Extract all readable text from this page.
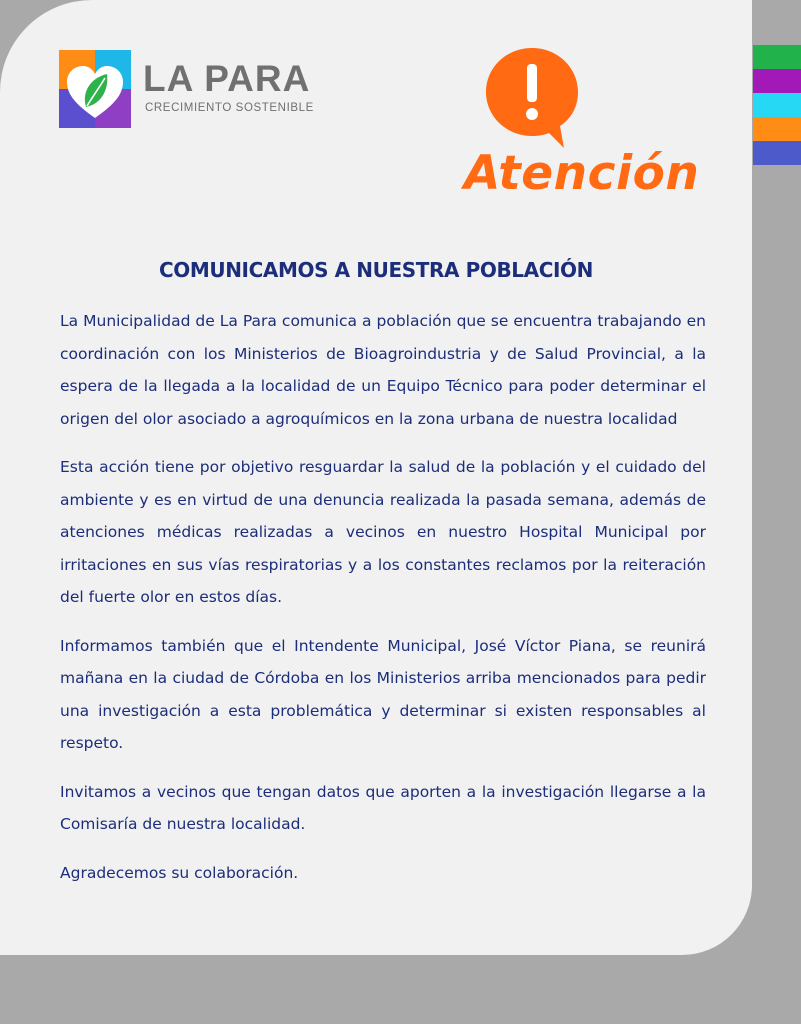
LA PARA
CRECIMIENTO SOSTENIBLE
Atención
COMUNICAMOS A NUESTRA POBLACIÓN

La Municipalidad de La Para comunica a población que se encuentra trabajando en coordinación con los Ministerios de Bioagroindustria y de Salud Provincial, a la espera de la llegada a la localidad de un Equipo Técnico para poder determinar el origen del olor asociado a agroquímicos en la zona urbana de nuestra localidad

Esta acción tiene por objetivo resguardar la salud de la población y el cuidado del ambiente y es en virtud de una denuncia realizada la pasada semana, además de atenciones médicas realizadas a vecinos en nuestro Hospital Municipal por irritaciones en sus vías respiratorias y a los constantes reclamos por la reiteración del fuerte olor en estos días.

Informamos también que el Intendente Municipal, José Víctor Piana, se reunirá mañana en la ciudad de Córdoba en los Ministerios arriba mencionados para pedir una investigación a esta problemática y determinar si existen responsables al respeto.

Invitamos a vecinos que tengan datos que aporten a la investigación llegarse a la Comisaría de nuestra localidad.

Agradecemos su colaboración.
